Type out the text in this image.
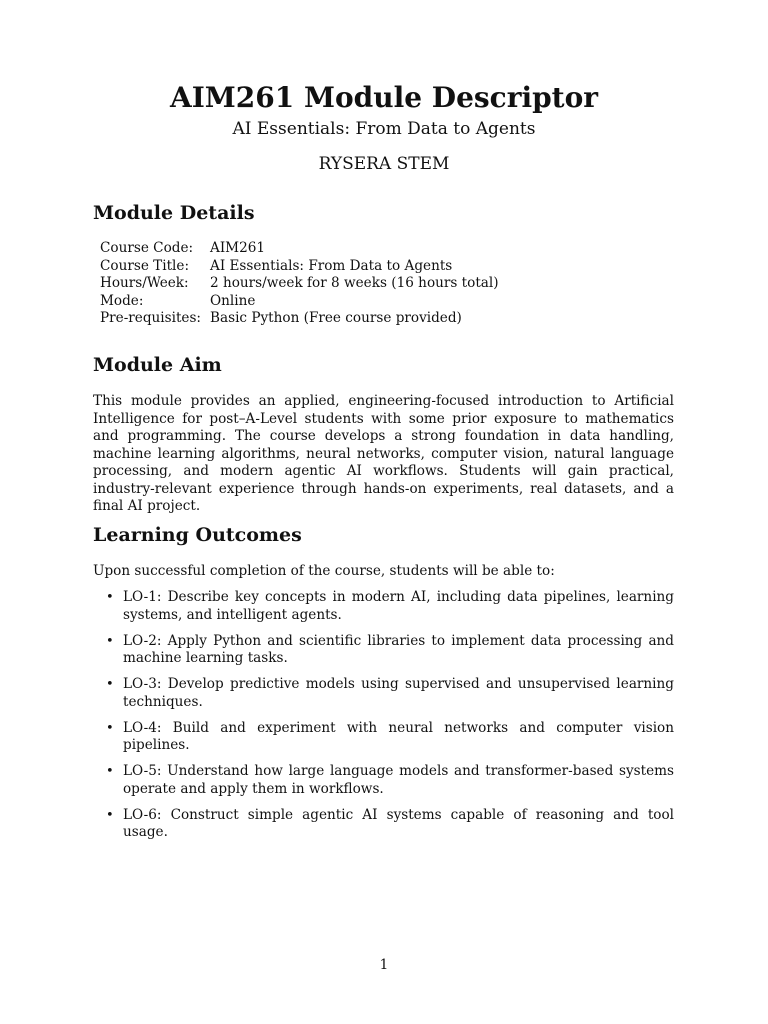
AIM261 Module Descriptor
AI Essentials: From Data to Agents
RYSERA STEM
Module Details
Course Code: AIM261
Course Title: AI Essentials: From Data to Agents
Hours/Week: 2 hours/week for 8 weeks (16 hours total)
Mode:	Online
Pre-requisites: Basic Python (Free course provided)
Module Aim
This module provides an applied, engineering-focused introduction to Artificial Intelligence for post–A-Level students with some prior exposure to mathematics and programming. The course develops a strong foundation in data handling, machine learning algorithms, neural networks, computer vision, natural language processing, and modern agentic AI workflows. Students will gain practical, industry-relevant experience through hands-on experiments, real datasets, and a final AI project.
Learning Outcomes
Upon successful completion of the course, students will be able to:
• LO-1: Describe key concepts in modern AI, including data pipelines, learning systems, and intelligent agents.
• LO-2: Apply Python and scientific libraries to implement data processing and machine learning tasks.
• LO-3: Develop predictive models using supervised and unsupervised learning techniques.
• LO-4: Build and experiment with neural networks and computer vision pipelines.
• LO-5: Understand how large language models and transformer-based systems operate and apply them in workflows.
• LO-6: Construct simple agentic AI systems capable of reasoning and tool usage.
1
